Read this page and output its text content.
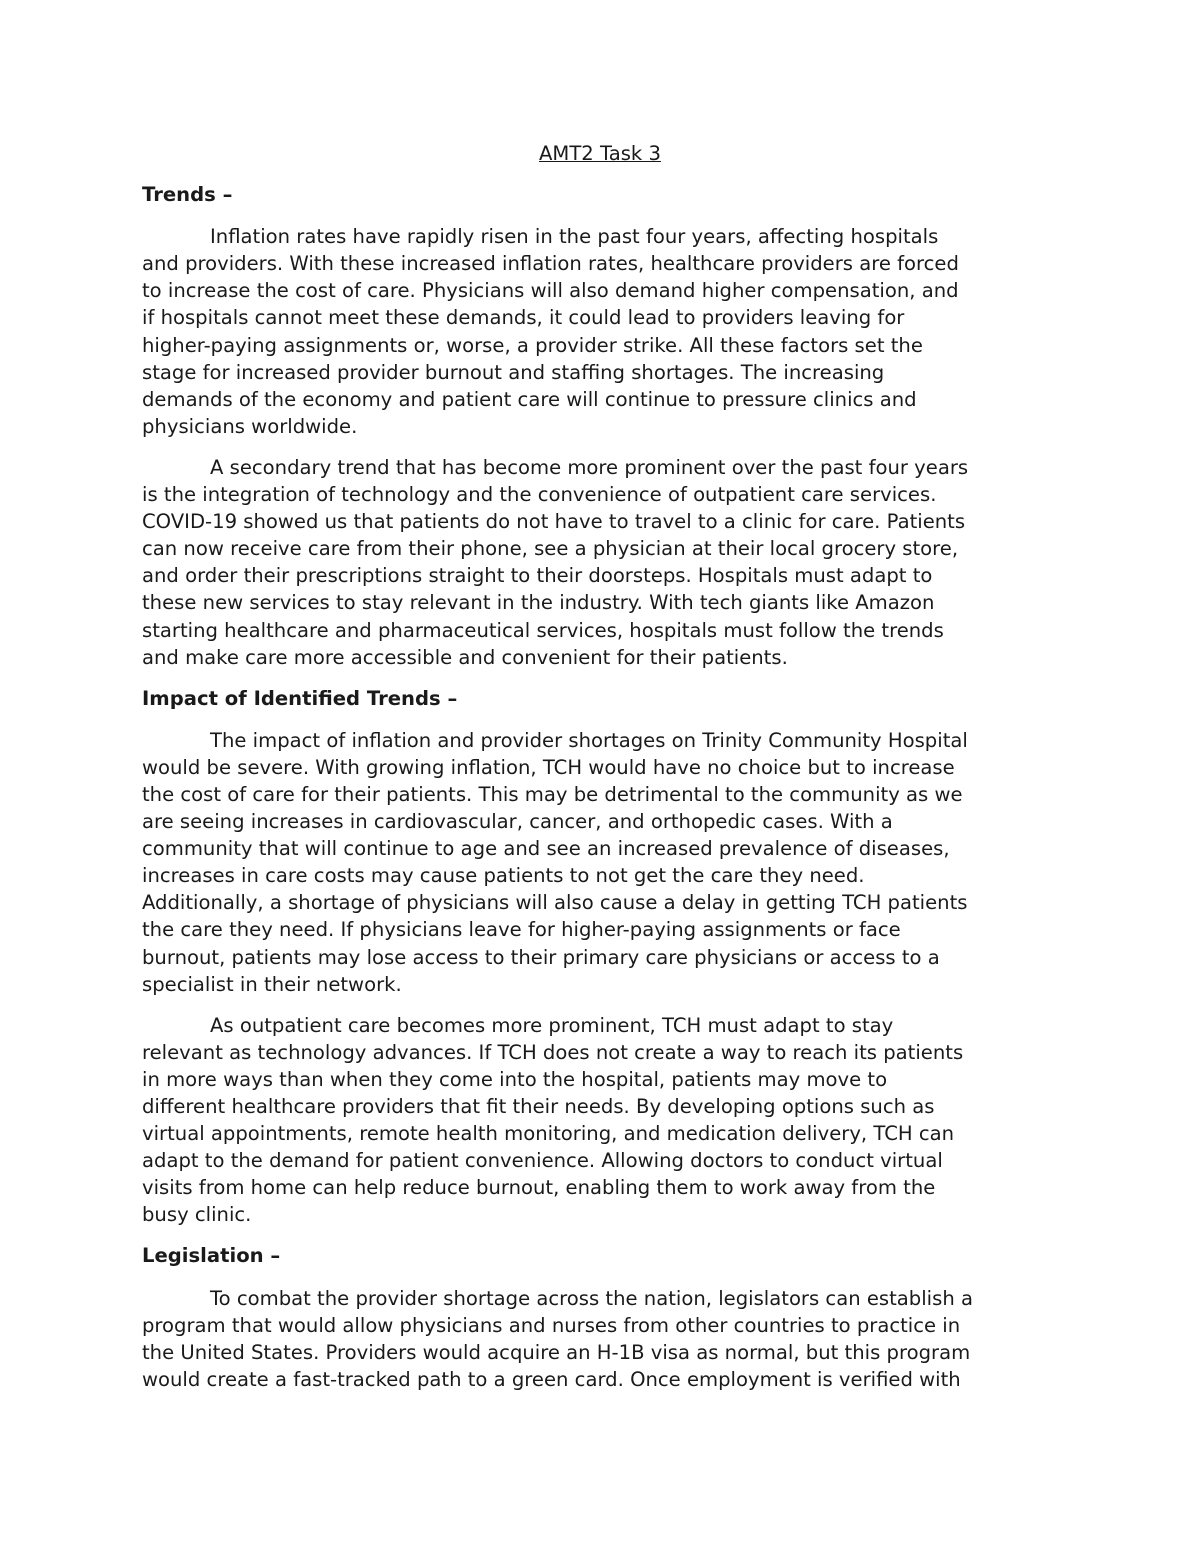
AMT2 Task 3
Trends –
Inflation rates have rapidly risen in the past four years, affecting hospitals
and providers. With these increased inflation rates, healthcare providers are forced
to increase the cost of care. Physicians will also demand higher compensation, and
if hospitals cannot meet these demands, it could lead to providers leaving for
higher-paying assignments or, worse, a provider strike. All these factors set the
stage for increased provider burnout and staffing shortages. The increasing
demands of the economy and patient care will continue to pressure clinics and
physicians worldwide.
A secondary trend that has become more prominent over the past four years
is the integration of technology and the convenience of outpatient care services.
COVID-19 showed us that patients do not have to travel to a clinic for care. Patients
can now receive care from their phone, see a physician at their local grocery store,
and order their prescriptions straight to their doorsteps. Hospitals must adapt to
these new services to stay relevant in the industry. With tech giants like Amazon
starting healthcare and pharmaceutical services, hospitals must follow the trends
and make care more accessible and convenient for their patients.
Impact of Identified Trends –
The impact of inflation and provider shortages on Trinity Community Hospital
would be severe. With growing inflation, TCH would have no choice but to increase
the cost of care for their patients. This may be detrimental to the community as we
are seeing increases in cardiovascular, cancer, and orthopedic cases. With a
community that will continue to age and see an increased prevalence of diseases,
increases in care costs may cause patients to not get the care they need.
Additionally, a shortage of physicians will also cause a delay in getting TCH patients
the care they need. If physicians leave for higher-paying assignments or face
burnout, patients may lose access to their primary care physicians or access to a
specialist in their network.
As outpatient care becomes more prominent, TCH must adapt to stay
relevant as technology advances. If TCH does not create a way to reach its patients
in more ways than when they come into the hospital, patients may move to
different healthcare providers that fit their needs. By developing options such as
virtual appointments, remote health monitoring, and medication delivery, TCH can
adapt to the demand for patient convenience. Allowing doctors to conduct virtual
visits from home can help reduce burnout, enabling them to work away from the
busy clinic.
Legislation –
To combat the provider shortage across the nation, legislators can establish a
program that would allow physicians and nurses from other countries to practice in
the United States. Providers would acquire an H-1B visa as normal, but this program
would create a fast-tracked path to a green card. Once employment is verified with
